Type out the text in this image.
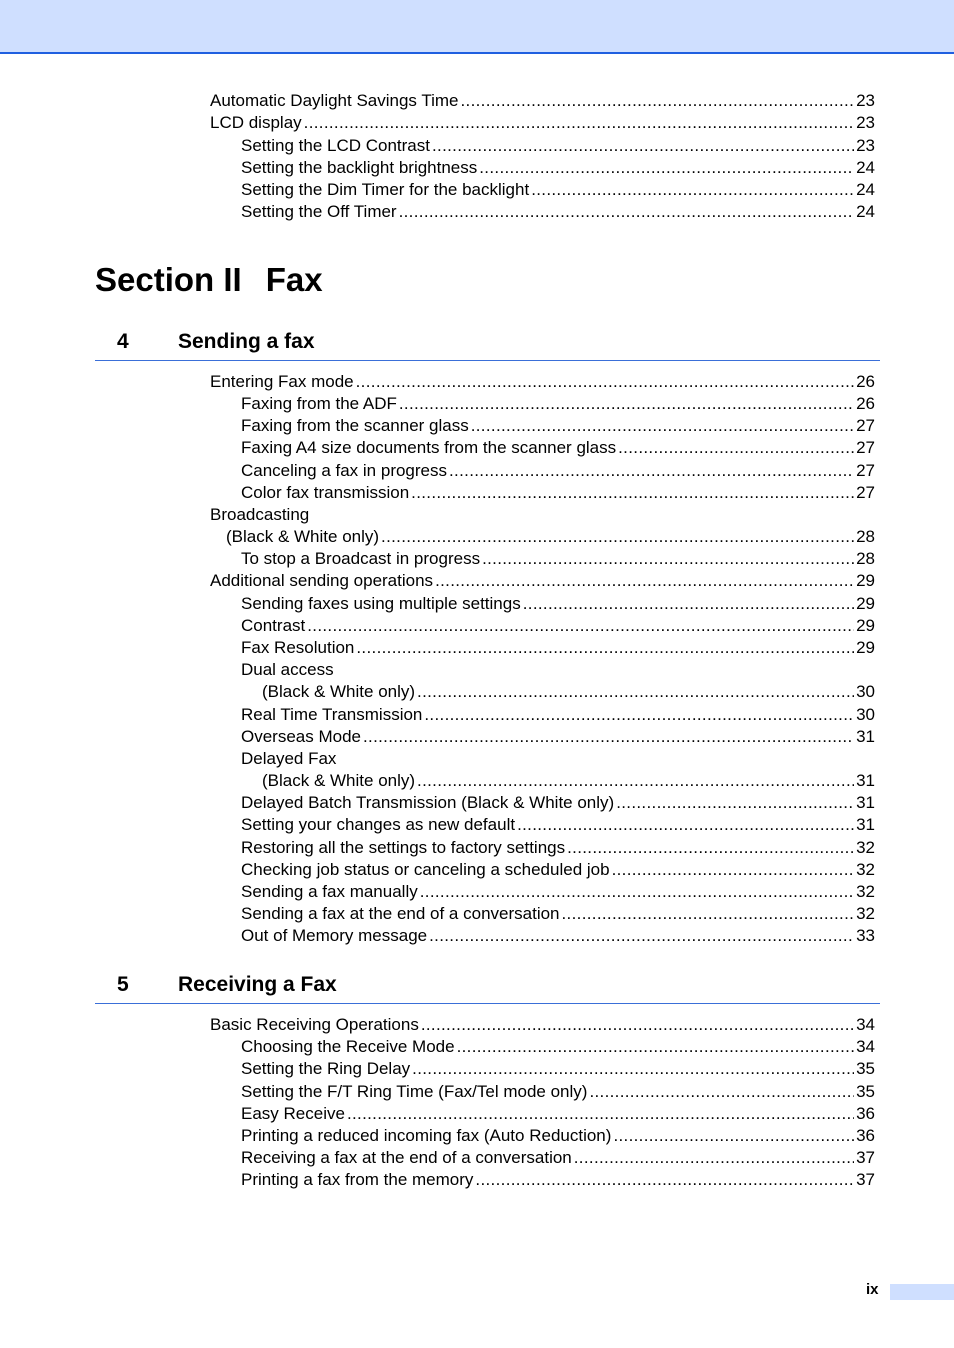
Automatic Daylight Savings Time . . .	23
LCD display . . .	23
Setting the LCD Contrast . . .	23
Setting the backlight brightness . . .	24
Setting the Dim Timer for the backlight . . .	24
Setting the Off Timer . . .	24
Section II Fax
4 Sending a fax
Entering Fax mode . . .	26
Faxing from the ADF . . .	26
Faxing from the scanner glass . . .	27
Faxing A4 size documents from the scanner glass . . .	27
Canceling a fax in progress . . .	27
Color fax transmission . . .	27
Broadcasting
(Black & White only) . . .	28
To stop a Broadcast in progress . . .	28
Additional sending operations . . .	29
Sending faxes using multiple settings . . .	29
Contrast . . .	29
Fax Resolution . . .	29
Dual access
(Black & White only) . . .	30
Real Time Transmission . . .	30
Overseas Mode . . .	31
Delayed Fax
(Black & White only) . . .	31
Delayed Batch Transmission (Black & White only) . . .	31
Setting your changes as new default . . .	31
Restoring all the settings to factory settings . . .	32
Checking job status or canceling a scheduled job . . .	32
Sending a fax manually . . .	32
Sending a fax at the end of a conversation . . .	32
Out of Memory message . . .	33
5 Receiving a Fax
Basic Receiving Operations . . .	34
Choosing the Receive Mode . . .	34
Setting the Ring Delay . . .	35
Setting the F/T Ring Time (Fax/Tel mode only) . . .	35
Easy Receive . . .	36
Printing a reduced incoming fax (Auto Reduction) . . .	36
Receiving a fax at the end of a conversation . . .	37
Printing a fax from the memory . . .	37
ix
